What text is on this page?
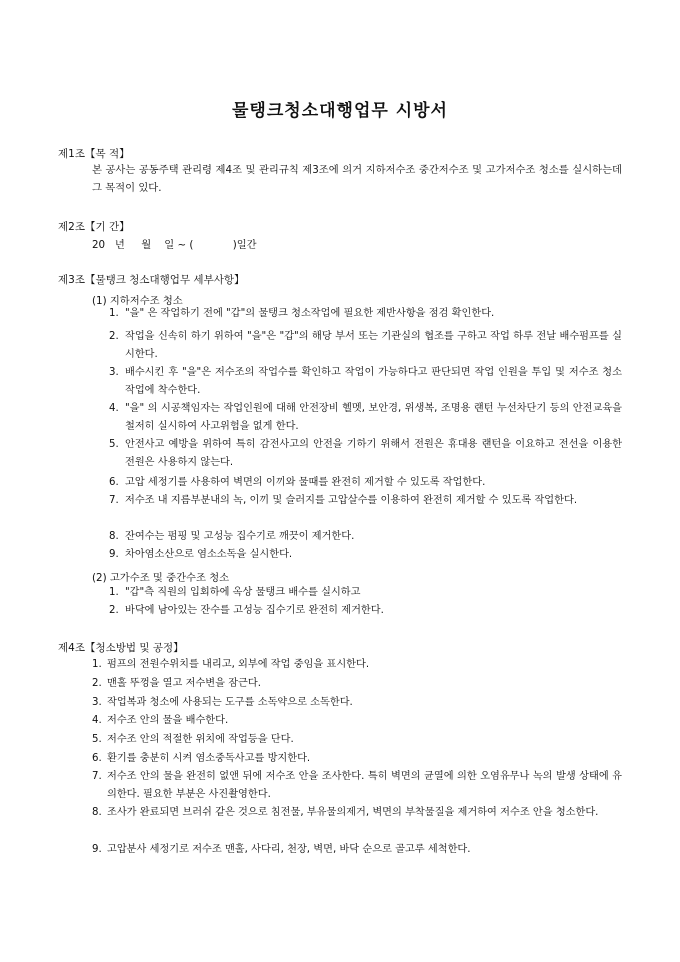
물탱크청소대행업무 시방서
제1조【목 적】
본 공사는 공동주택 관리령 제4조 및 관리규칙 제3조에 의거 지하저수조 중간저수조 및 고가저수조 청소를 실시하는데 그 목적이 있다.
제2조【기 간】
20   년     월    일 ~ (            )일간
제3조【물탱크 청소대행업무 세부사항】
(1) 지하저수조 청소
1. "을" 은 작업하기 전에 "갑"의 물탱크 청소작업에 필요한 제반사항을 점검 확인한다.
2. 작업을 신속히 하기 위하여 "을"은 "갑"의 해당 부서 또는 기관실의 협조를 구하고 작업 하루 전날 배수펌프를 실시한다.
3. 배수시킨 후 "을"은 저수조의 작업수를 확인하고 작업이 가능하다고 판단되면 작업 인원을 투입 및 저수조 청소작업에 착수한다.
4. "을" 의 시공책임자는 작업인원에 대해 안전장비 헬멧, 보안경, 위생복, 조명용 랜턴 누선차단기 등의 안전교육을 철저히 실시하여 사고위험을 없게 한다.
5. 안전사고 예방을 위하여 특히 감전사고의 안전을 기하기 위해서 전원은 휴대용 랜턴을 이요하고 전선을 이용한 전원은 사용하지 않는다.
6. 고압 세정기를 사용하여 벽면의 이끼와 물때를 완전히 제거할 수 있도록 작업한다.
7. 저수조 내 지름부분내의 녹, 이끼 및 슬러지를 고압살수를 이용하여 완전히 제거할 수 있도록 작업한다.
8. 잔여수는 펌핑 및 고성능 집수기로 깨끗이 제거한다.
9. 차아염소산으로 염소소독을 실시한다.
(2) 고가수조 및 중간수조 청소
1. "갑"측 직원의 입회하에 옥상 물탱크 배수를 실시하고
2. 바닥에 남아있는 잔수를 고성능 집수기로 완전히 제거한다.
제4조【청소방법 및 공정】
1. 펌프의 전원수위치를 내리고, 외부에 작업 중임을 표시한다.
2. 맨홀 뚜껑을 열고 저수변을 잠근다.
3. 작업복과 청소에 사용되는 도구를 소독약으로 소독한다.
4. 저수조 안의 물을 배수한다.
5. 저수조 안의 적절한 위치에 작업등을 단다.
6. 환기를 충분히 시켜 염소중독사고를 방지한다.
7. 저수조 안의 물을 완전히 없앤 뒤에 저수조 안을 조사한다. 특히 벽면의 균열에 의한 오염유무나 녹의 발생 상태에 유의한다. 필요한 부분은 사진촬영한다.
8. 조사가 완료되면 브러쉬 같은 것으로 침전물, 부유물의제거, 벽면의 부착물질을 제거하여 저수조 안을 청소한다.
9. 고압분사 세정기로 저수조 맨홀, 사다리, 천장, 벽면, 바닥 순으로 골고루 세척한다.
